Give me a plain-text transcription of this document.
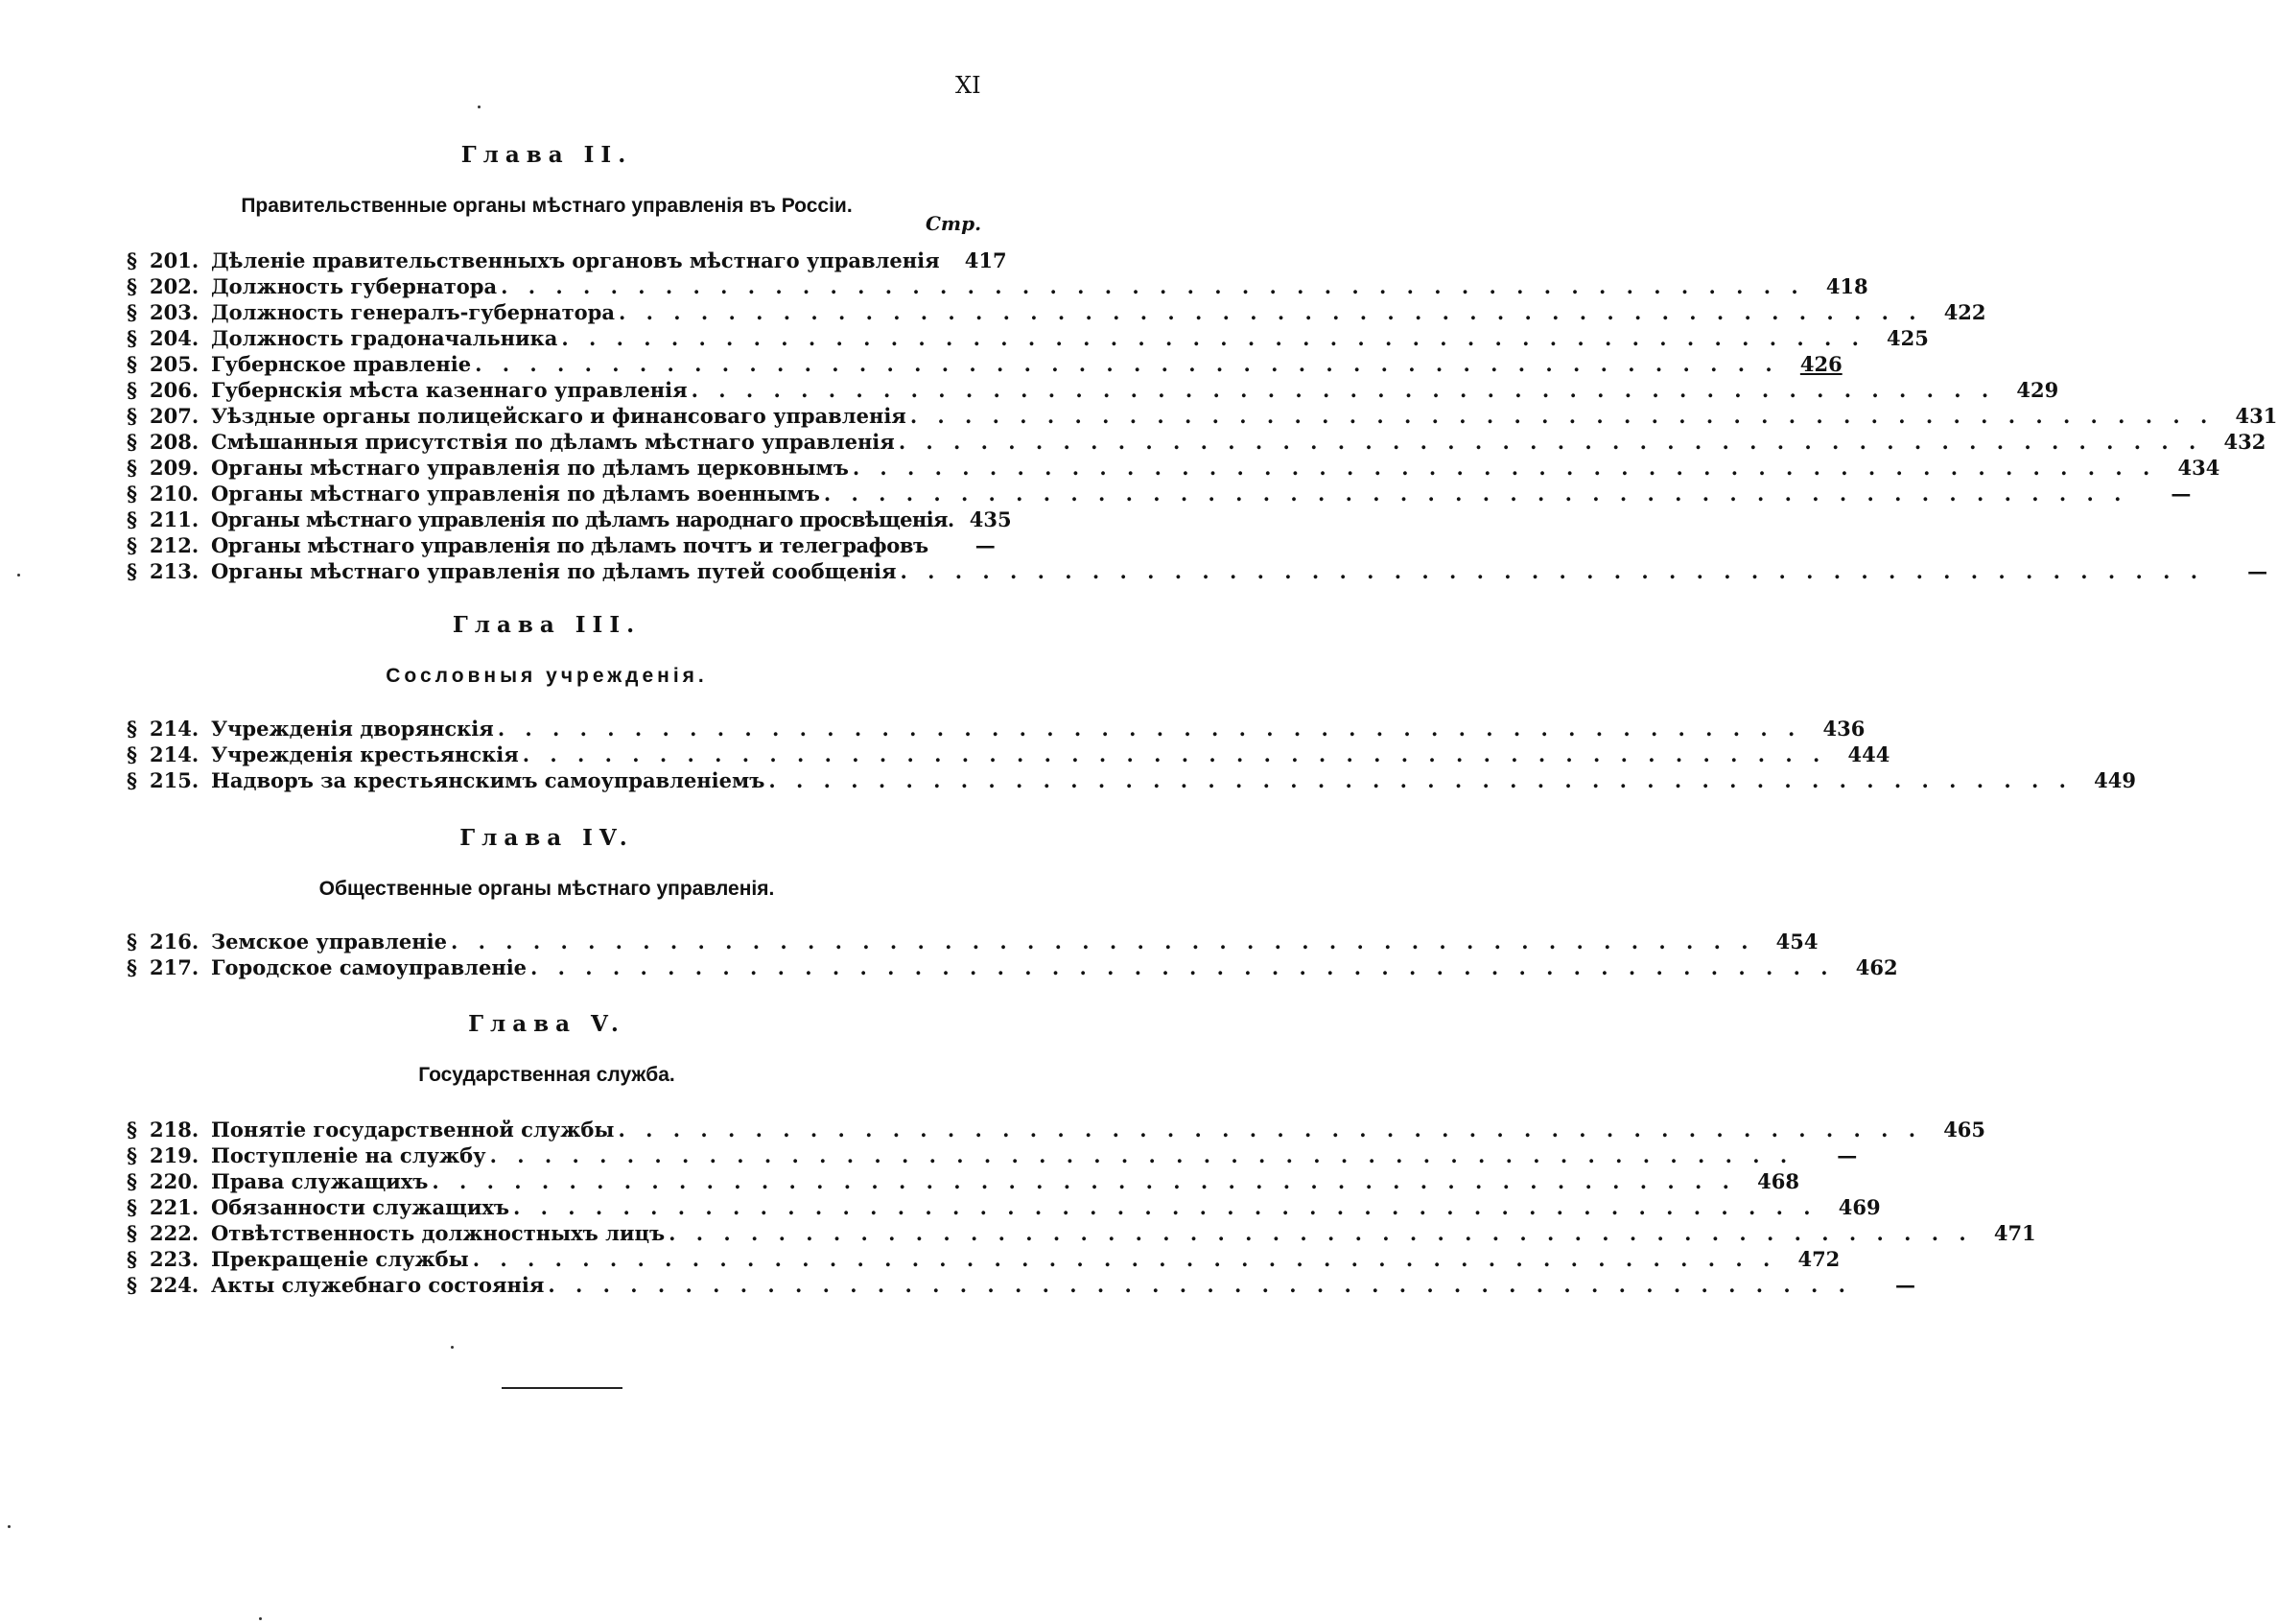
XI
Глава II.
Правительственные органы мѣстнаго управленія въ Россіи.
Стр.
§ 201. Дѣленіе правительственныхъ органовъ мѣстнаго управленія	417
§ 202. Должность губернатора . . . . . . . . . . . . . . . . . . . . . . . . . . . . . . . . . . . . . . . . . . . . . . . .	418
§ 203. Должность генералъ-губернатора . . . . . . . . . . . . . . . . . . . . . . . . . . . . . . . . . . . . . . . . . . . . . . . .	422
§ 204. Должность градоначальника . . . . . . . . . . . . . . . . . . . . . . . . . . . . . . . . . . . . . . . . . . . . . . . .	425
§ 205. Губернское правленіе . . . . . . . . . . . . . . . . . . . . . . . . . . . . . . . . . . . . . . . . . . . . . . . .	426
§ 206. Губернскія мѣста казеннаго управленія . . . . . . . . . . . . . . . . . . . . . . . . . . . . . . . . . . . . . . . . . . . . . . . .	429
§ 207. Уѣздные органы полицейскаго и финансоваго управленія . . . . . . . . . . . . . . . . . . . . . . . . . . . . . . . . . . . . . . . . . . . . . . . .	431
§ 208. Смѣшанныя присутствія по дѣламъ мѣстнаго управленія . . . . . . . . . . . . . . . . . . . . . . . . . . . . . . . . . . . . . . . . . . . . . . . .	432
§ 209. Органы мѣстнаго управленія по дѣламъ церковнымъ . . . . . . . . . . . . . . . . . . . . . . . . . . . . . . . . . . . . . . . . . . . . . . . .	434
§ 210. Органы мѣстнаго управленія по дѣламъ военнымъ . . . . . . . . . . . . . . . . . . . . . . . . . . . . . . . . . . . . . . . . . . . . . . . .	—
§ 211. Органы мѣстнаго управленія по дѣламъ народнаго просвѣщенія. 435
§ 212. Органы мѣстнаго управленія по дѣламъ почтъ и телеграфовъ	—
§ 213. Органы мѣстнаго управленія по дѣламъ путей сообщенія . . . . . . . . . . . . . . . . . . . . . . . . . . . . . . . . . . . . . . . . . . . . . . . .	—
Глава III.
Сословныя учрежденія.
§ 214. Учрежденія дворянскія . . . . . . . . . . . . . . . . . . . . . . . . . . . . . . . . . . . . . . . . . . . . . . . .	436
§ 214. Учрежденія крестьянскія . . . . . . . . . . . . . . . . . . . . . . . . . . . . . . . . . . . . . . . . . . . . . . . .	444
§ 215. Надворъ за крестьянскимъ самоуправленіемъ . . . . . . . . . . . . . . . . . . . . . . . . . . . . . . . . . . . . . . . . . . . . . . . .	449
Глава IV.
Общественные органы мѣстнаго управленія.
§ 216. Земское управленіе . . . . . . . . . . . . . . . . . . . . . . . . . . . . . . . . . . . . . . . . . . . . . . . .	454
§ 217. Городское самоуправленіе . . . . . . . . . . . . . . . . . . . . . . . . . . . . . . . . . . . . . . . . . . . . . . . .	462
Глава V.
Государственная служба.
§ 218. Понятіе государственной службы . . . . . . . . . . . . . . . . . . . . . . . . . . . . . . . . . . . . . . . . . . . . . . . .	465
§ 219. Поступленіе на службу . . . . . . . . . . . . . . . . . . . . . . . . . . . . . . . . . . . . . . . . . . . . . . . .	—
§ 220. Права служащихъ . . . . . . . . . . . . . . . . . . . . . . . . . . . . . . . . . . . . . . . . . . . . . . . .	468
§ 221. Обязанности служащихъ . . . . . . . . . . . . . . . . . . . . . . . . . . . . . . . . . . . . . . . . . . . . . . . .	469
§ 222. Отвѣтственность должностныхъ лицъ . . . . . . . . . . . . . . . . . . . . . . . . . . . . . . . . . . . . . . . . . . . . . . . .	471
§ 223. Прекращеніе службы . . . . . . . . . . . . . . . . . . . . . . . . . . . . . . . . . . . . . . . . . . . . . . . .	472
§ 224. Акты служебнаго состоянія . . . . . . . . . . . . . . . . . . . . . . . . . . . . . . . . . . . . . . . . . . . . . . . .	—
